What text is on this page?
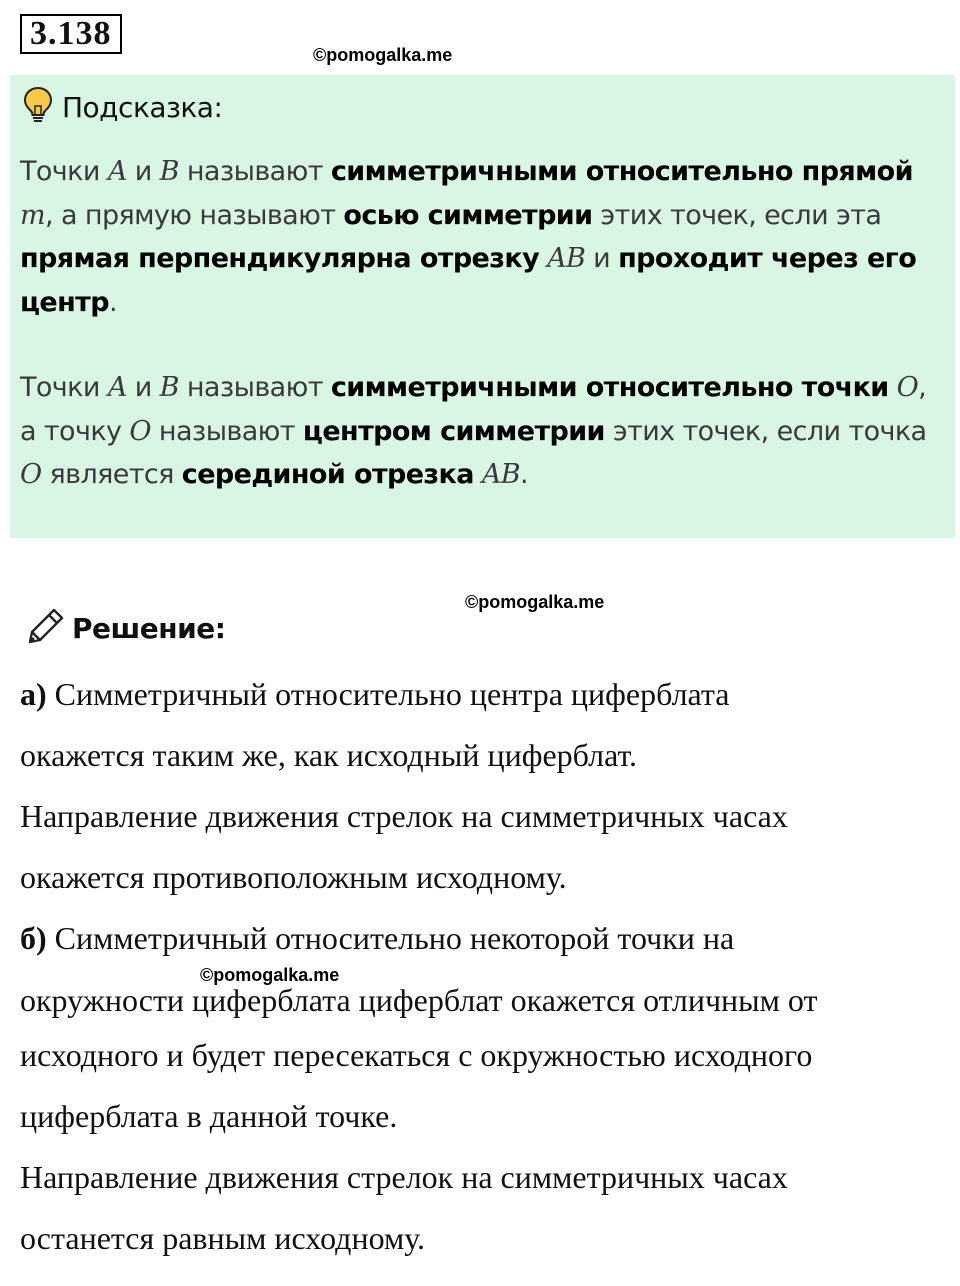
3.138
©pomogalka.me
Подсказка:
Точки A и B называют симметричными относительно прямой m, а прямую называют осью симметрии этих точек, если эта прямая перпендикулярна отрезку AB и проходит через его центр.
Точки A и B называют симметричными относительно точки O, а точку O называют центром симметрии этих точек, если точка O является серединой отрезка AB.
©pomogalka.me
Решение:
а) Симметричный относительно центра циферблата
окажется таким же, как исходный циферблат.
Направление движения стрелок на симметричных часах
окажется противоположным исходному.
б) Симметричный относительно некоторой точки на
©pomogalka.me
окружности циферблата циферблат окажется отличным от
исходного и будет пересекаться с окружностью исходного
циферблата в данной точке.
Направление движения стрелок на симметричных часах
останется равным исходному.
